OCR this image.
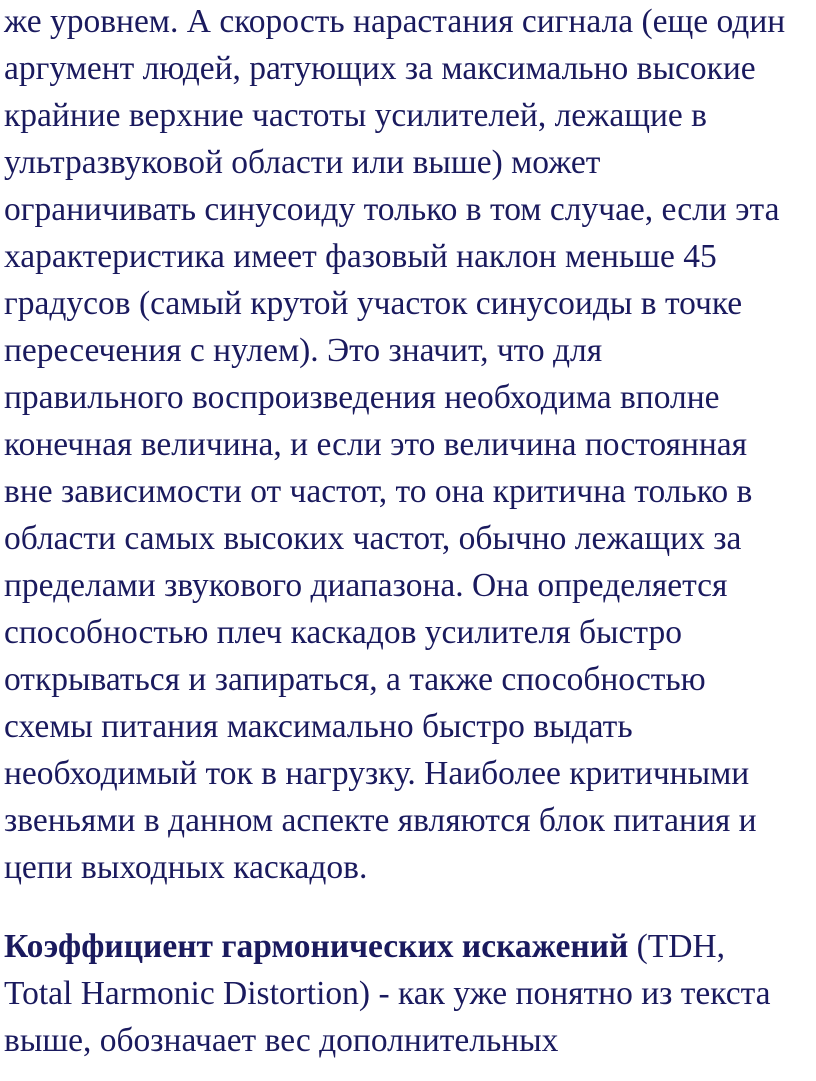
же уровнем. А скорость нарастания сигнала (еще один
аргумент людей, ратующих за максимально высокие
крайние верхние частоты усилителей, лежащие в
ультразвуковой области или выше) может
ограничивать синусоиду только в том случае, если эта
характеристика имеет фазовый наклон меньше 45
градусов (самый крутой участок синусоиды в точке
пересечения с нулем). Это значит, что для
правильного воспроизведения необходима вполне
конечная величина, и если это величина постоянная
вне зависимости от частот, то она критична только в
области самых высоких частот, обычно лежащих за
пределами звукового диапазона. Она определяется
способностью плеч каскадов усилителя быстро
открываться и запираться, а также способностью
схемы питания максимально быстро выдать
необходимый ток в нагрузку. Наиболее критичными
звеньями в данном аспекте являются блок питания и
цепи выходных каскадов.
Коэффициент гармонических искажений (TDH,
Total Harmonic Distortion) - как уже понятно из текста
выше, обозначает вес дополнительных
